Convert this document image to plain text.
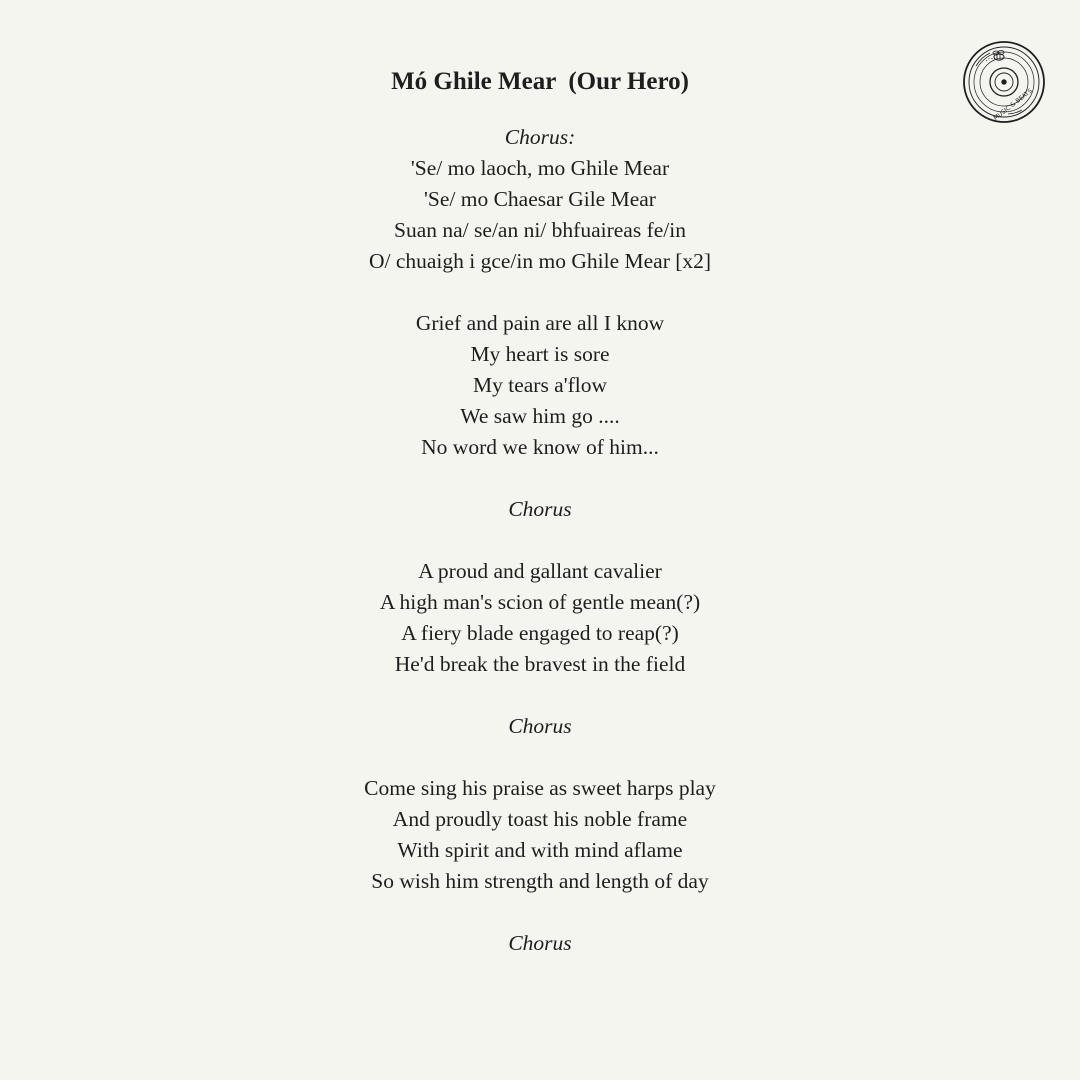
Mó Ghile Mear  (Our Hero)
Chorus:
'Se/ mo laoch, mo Ghile Mear
'Se/ mo Chaesar Gile Mear
Suan na/ se/an ni/ bhfuaireas fe/in
O/ chuaigh i gce/in mo Ghile Mear [x2]
Grief and pain are all I know
My heart is sore
My tears a'flow
We saw him go ....
No word we know of him...
Chorus
A proud and gallant cavalier
A high man's scion of gentle mean(?)
A fiery blade engaged to reap(?)
He'd break the bravest in the field
Chorus
Come sing his praise as sweet harps play
And proudly toast his noble frame
With spirit and with mind aflame
So wish him strength and length of day
Chorus
MUSIC & BEATS
